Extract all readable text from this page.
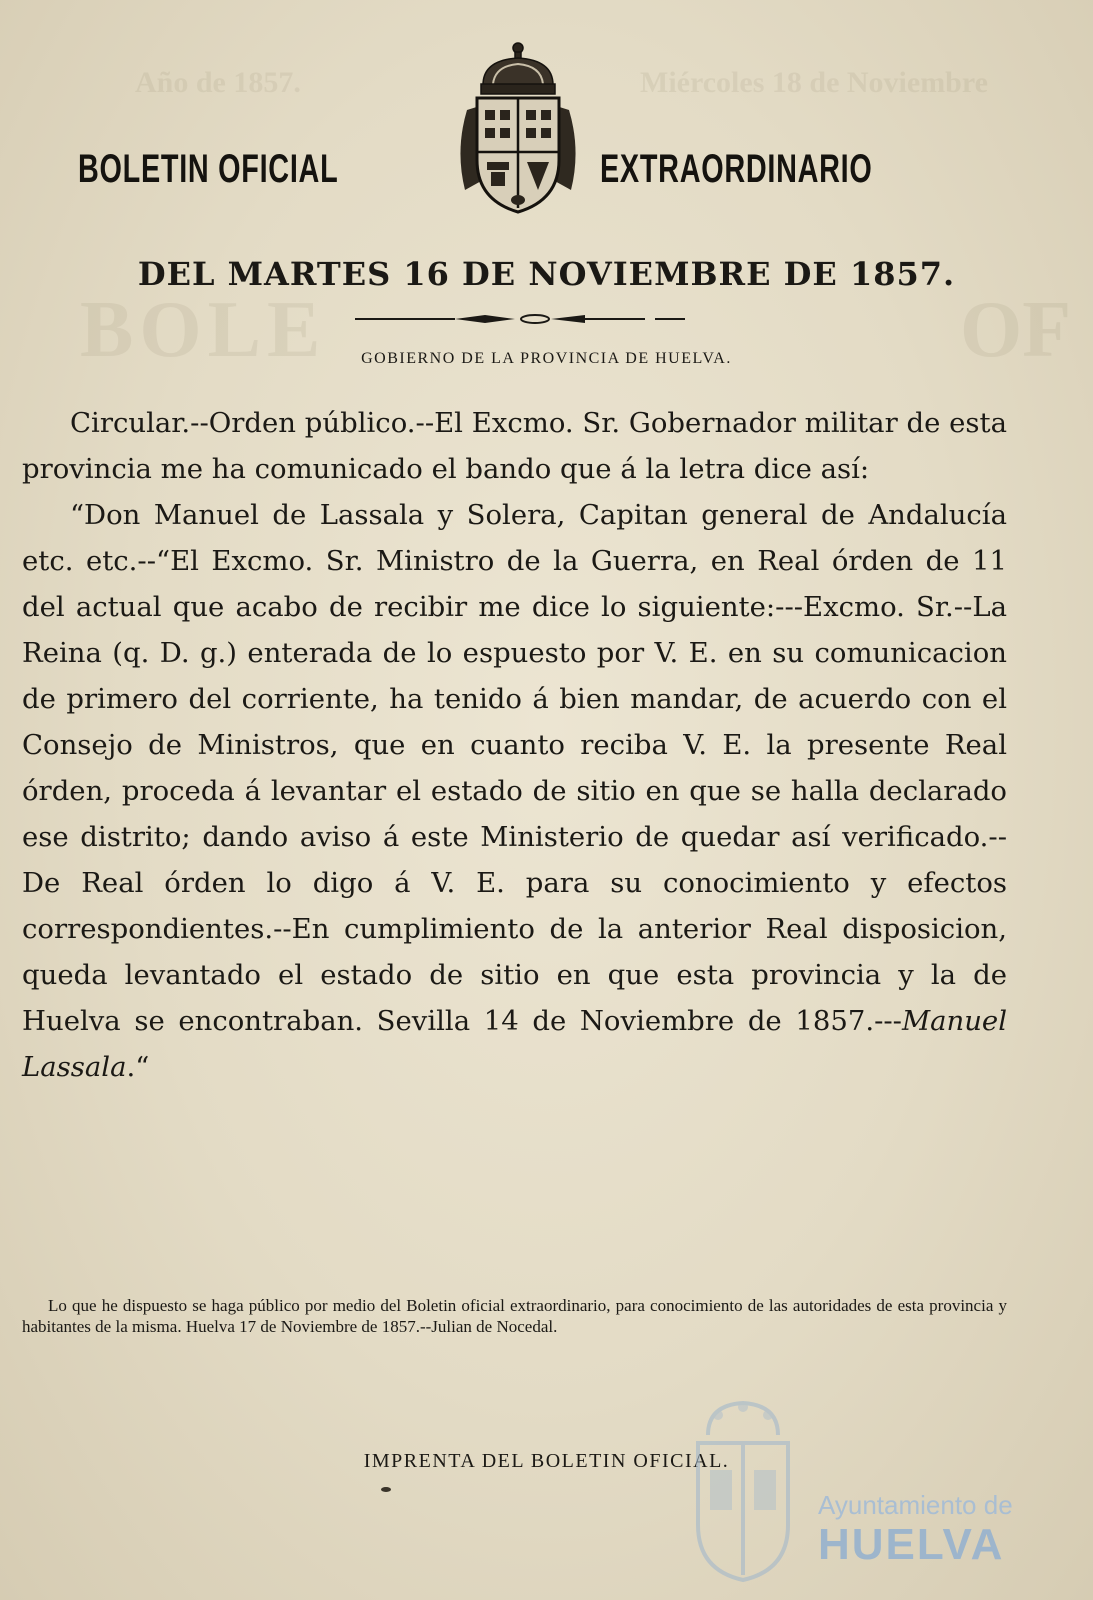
Año de 1857.	Miércoles 18 de Noviembre
BOLE	OF
BOLETIN OFICIAL	EXTRAORDINARIO
DEL MARTES 16 DE NOVIEMBRE DE 1857.
GOBIERNO DE LA PROVINCIA DE HUELVA.

Circular.--Orden público.--El Excmo. Sr. Gobernador militar de esta provincia me ha comunicado el bando que á la letra dice así:

“Don Manuel de Lassala y Solera, Capitan general de Andalucía etc. etc.--“El Excmo. Sr. Ministro de la Guerra, en Real órden de 11 del actual que acabo de recibir me dice lo siguiente:---Excmo. Sr.--La Reina (q. D. g.) enterada de lo espuesto por V. E. en su comunicacion de primero del corriente, ha tenido á bien mandar, de acuerdo con el Consejo de Ministros, que en cuanto reciba V. E. la presente Real órden, proceda á levantar el estado de sitio en que se halla declarado ese distrito; dando aviso á este Ministerio de quedar así verificado.--De Real órden lo digo á V. E. para su conocimiento y efectos correspondientes.--En cumplimiento de la anterior Real disposicion, queda levantado el estado de sitio en que esta provincia y la de Huelva se encontraban. Sevilla 14 de Noviembre de 1857.---Manuel Lassala.“

Lo que he dispuesto se haga público por medio del Boletin oficial extraordinario, para conocimiento de las autoridades de esta provincia y habitantes de la misma. Huelva 17 de Noviembre de 1857.--Julian de Nocedal.

IMPRENTA DEL BOLETIN OFICIAL.
Ayuntamiento de
HUELVA
